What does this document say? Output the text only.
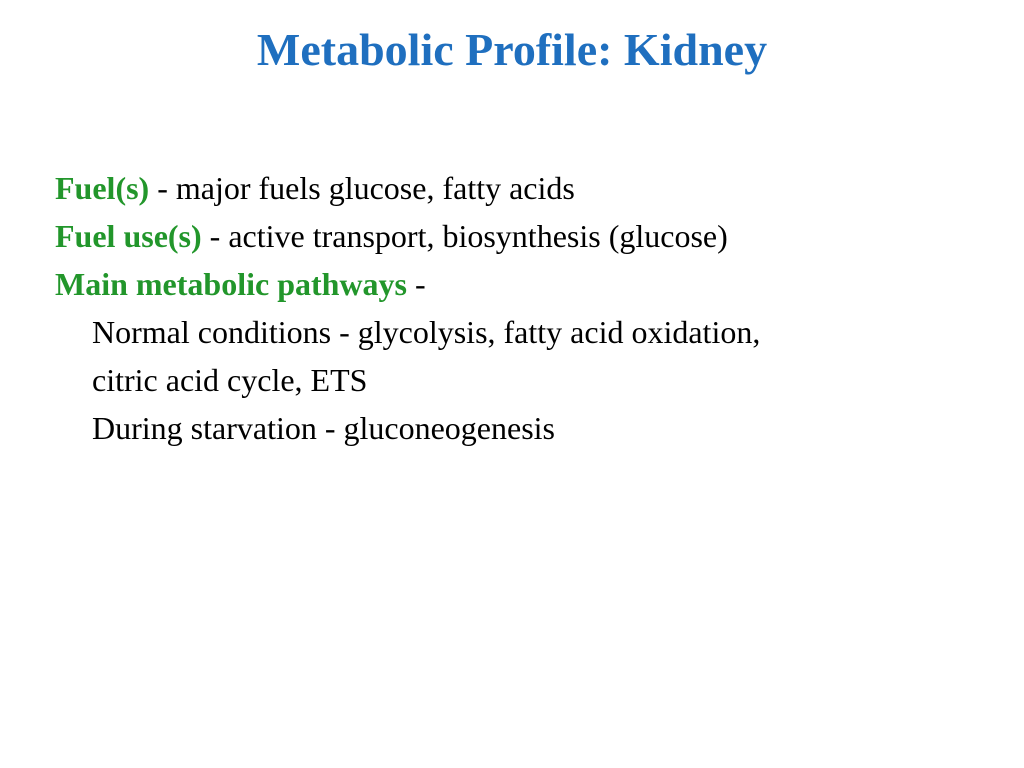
Metabolic Profile: Kidney
Fuel(s) - major fuels glucose, fatty acids
Fuel use(s) - active transport, biosynthesis (glucose)
Main metabolic pathways -
Normal conditions - glycolysis, fatty acid oxidation,
citric acid cycle, ETS
During starvation - gluconeogenesis
